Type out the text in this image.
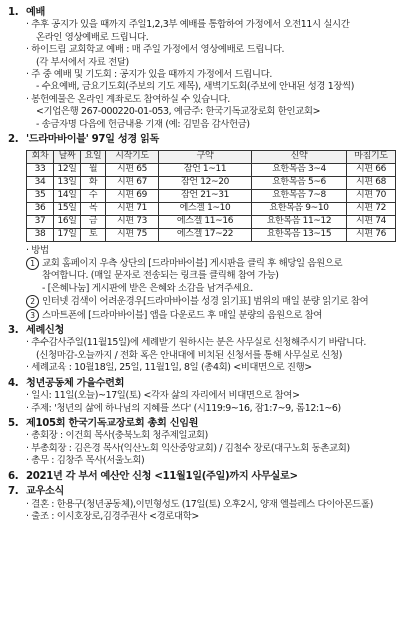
1. 예배
· 추후 공지가 있을 때까지 주일1,2,3부 예배를 통합하여 가정에서 오전11시 실시간
온라인 영상예배로 드립니다.
· 하이드림 교회학교 예배 : 매 주일 가정에서 영상예배로 드립니다.
(각 부서에서 자료 전달)
· 주 중 예배 및 기도회 : 공지가 있을 때까지 가정에서 드립니다.
- 수요예배, 금요기도회(주보의 기도 제목), 새벽기도회(주보에 안내된 성경 1장씩)
· 봉헌예물은 온라인 계좌로도 참여하실 수 있습니다.
<기업은행 267-000220-01-053, 예금주: 한국기독교장로회 한인교회>
- 송금자명 다음에 헌금내용 기재 (예: 김믿음 감사헌금)
2. '드라마바이블' 97일 성경 읽독
회차	날짜	요일	시작기도	구약	신약	마침기도
33	12일	월	시편 65	잠언 1~11	요한복음 3~4	시편 66
34	13일	화	시편 67	잠언 12~20	요한복음 5~6	시편 68
35	14일	수	시편 69	잠언 21~31	요한복음 7~8	시편 70
36	15일	목	시편 71	에스겔 1~10	요한복음 9~10	시편 72
37	16일	금	시편 73	에스겔 11~16	요한복음 11~12	시편 74
38	17일	토	시편 75	에스겔 17~22	요한복음 13~15	시편 76
· 방법
1 교회 홈페이지 우측 상단의 [드라마바이블] 게시판을 클릭 후 해당일 음원으로
참여합니다. (매일 문자로 전송되는 링크를 클릭해 참여 가능)
- [은혜나눔] 게시판에 받은 은혜와 소감을 남겨주세요.
2 인터넷 검색이 어려운경우[드라마바이블 성경 읽기표] 범위의 매일 분량 읽기로 참여
3 스마트폰에 [드라마바이블] 앱을 다운로드 후 매일 분량의 음원으로 참여
3. 세례신청
· 추수감사주일(11월15일)에 세례받기 원하시는 분은 사무실로 신청해주시기 바랍니다.
(신청마감-오늘까지 / 전화 혹은 안내대에 비치된 신청서를 통해 사무실로 신청)
· 세례교육 : 10월18일, 25일, 11월1일, 8일 (총4회) <비대면으로 진행>
4. 청년공동체 가을수련회
· 일시: 11일(오늘)~17일(토) <각자 삶의 자리에서 비대면으로 참여>
· 주제: '청년의 삶에 하나님의 지혜를 쓰다' (시119:9~16, 잠1:7~9, 롬12:1~6)
5. 제105회 한국기독교장로회 총회 신임원
· 총회장 : 이건희 목사(충북노회 청주제일교회)
· 부총회장 : 김은경 목사(익산노회 익산중앙교회) / 김철수 장로(대구노회 동촌교회)
· 총무 : 김창주 목사(서울노회)
6. 2021년 각 부서 예산안 신청 <11월1일(주일)까지 사무실로>
7. 교우소식
· 결혼 : 한용구(청년공동체),이민형성도 (17일(토) 오후2시, 양재 엘블레스 다이아몬드홀)
· 출조 : 이시호장로,김경주권사 <경로대학>
